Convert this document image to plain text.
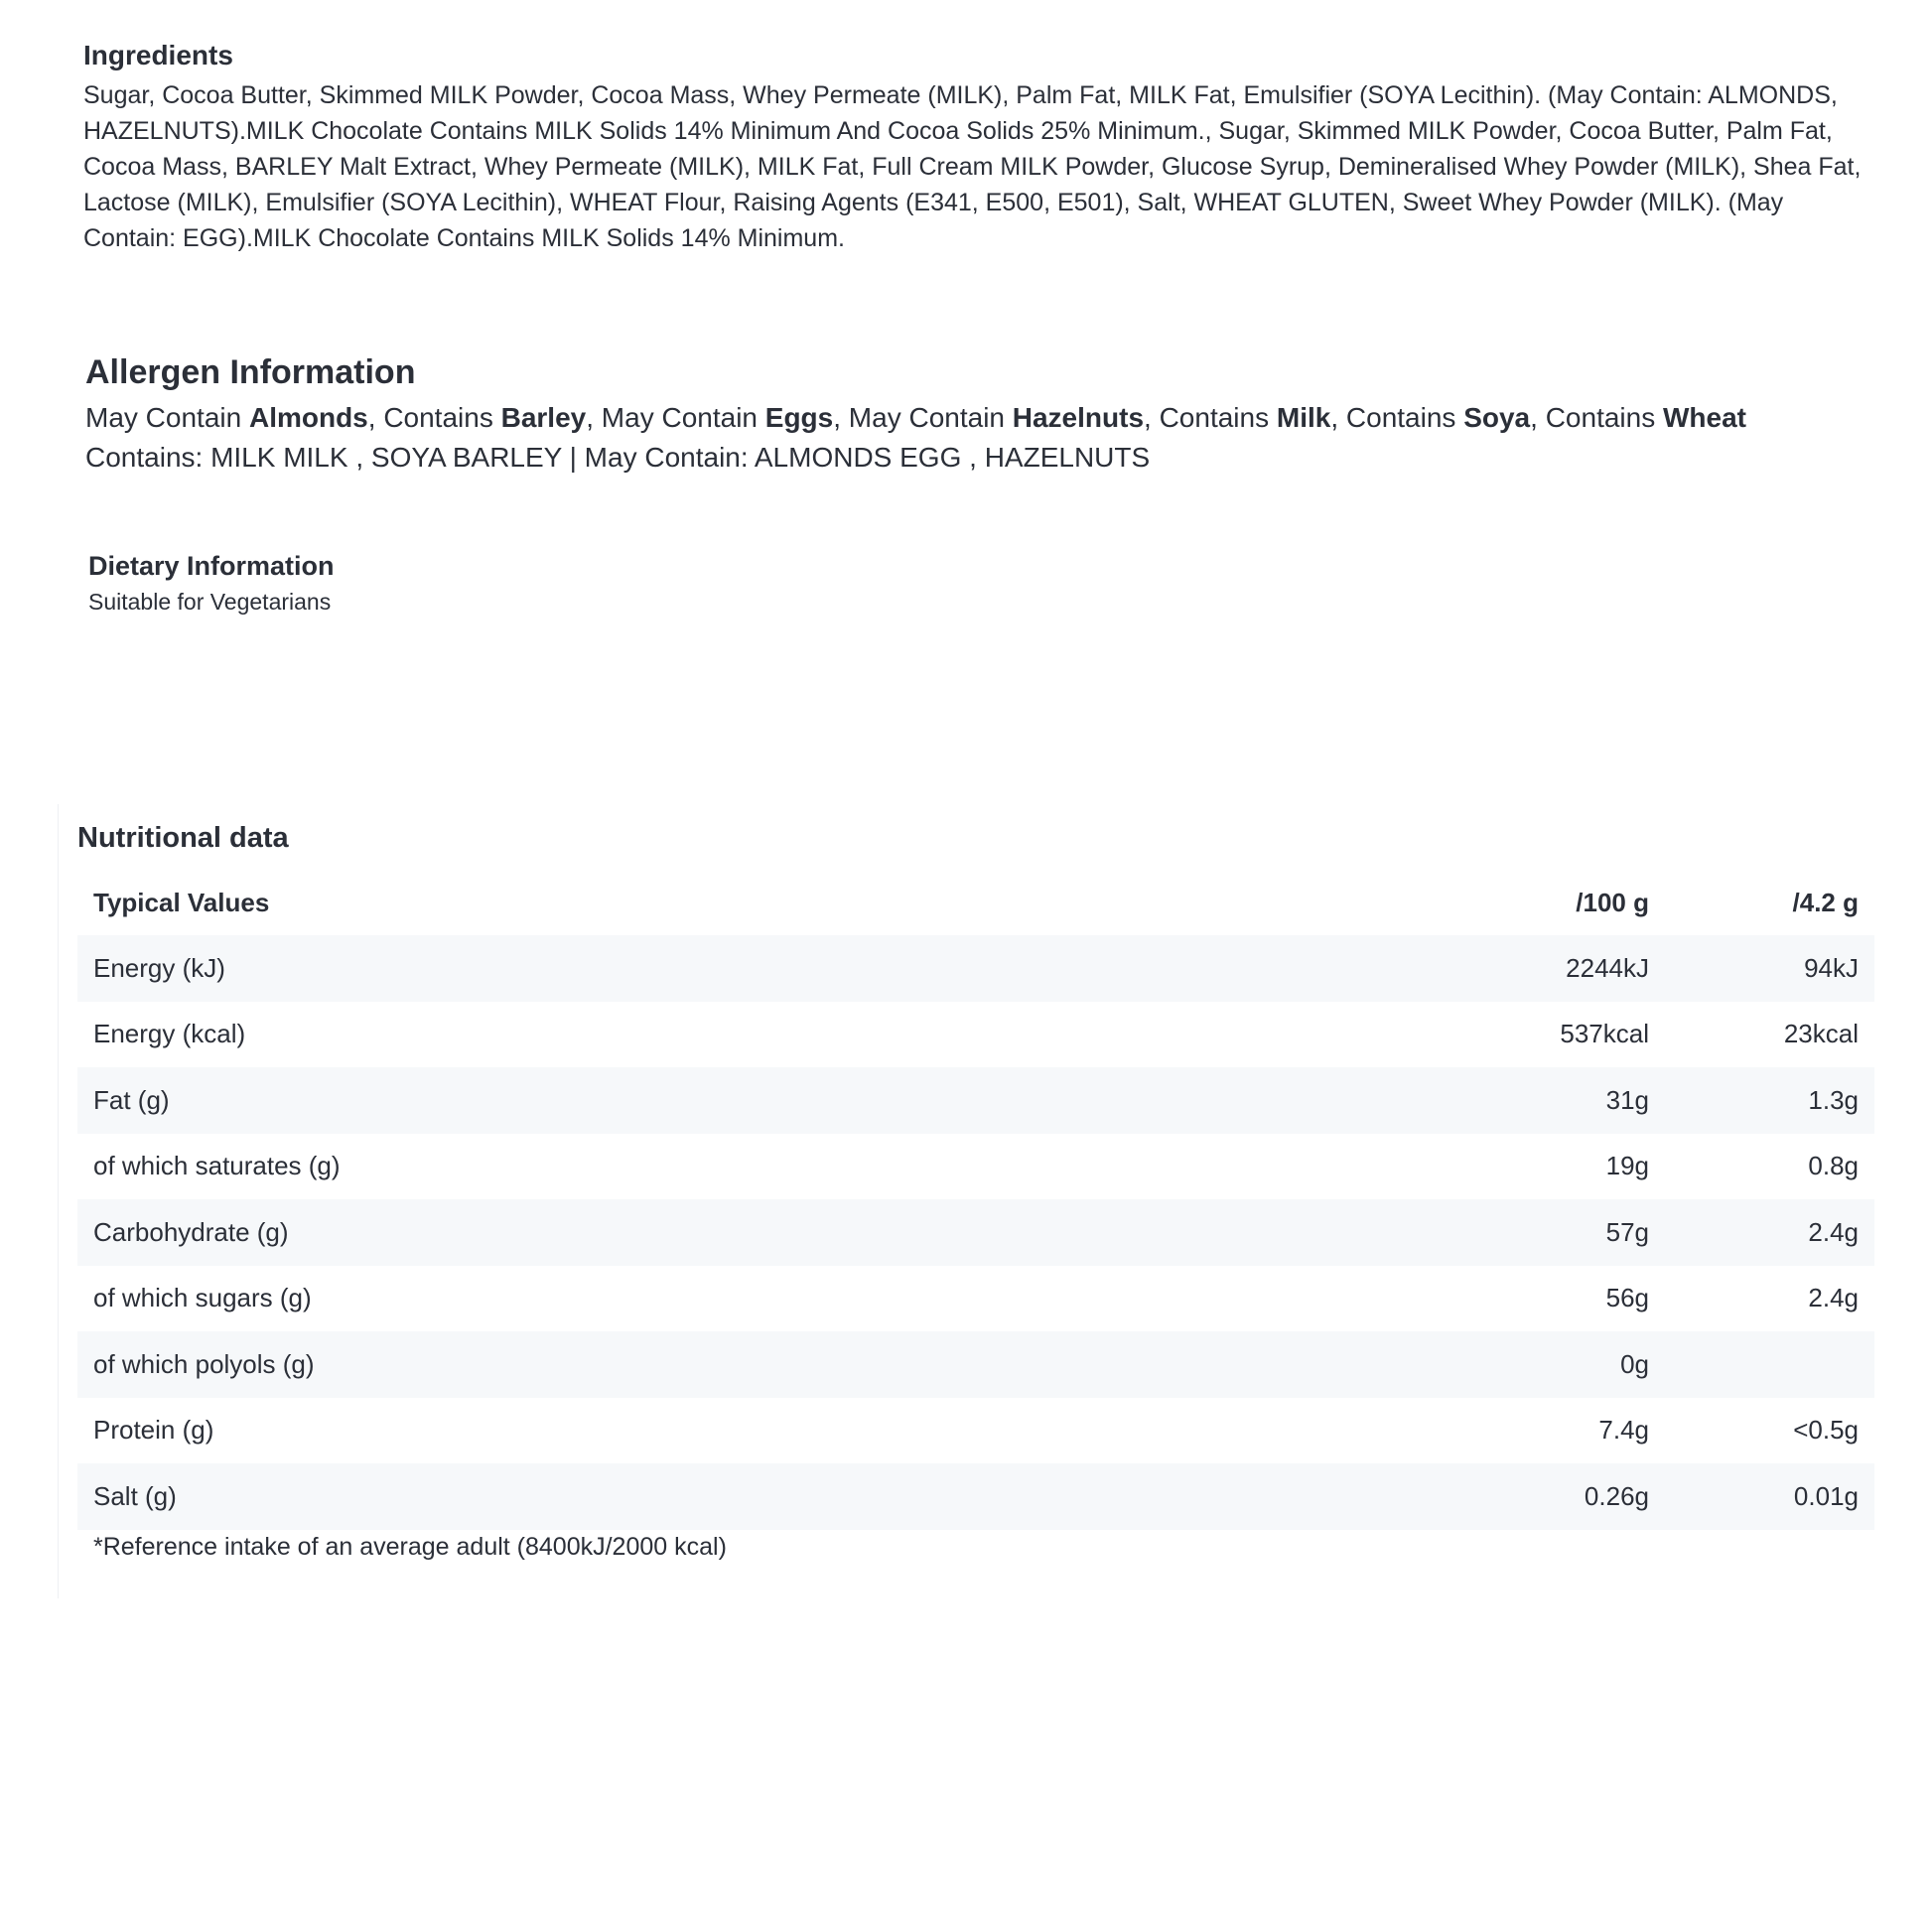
Ingredients

Sugar, Cocoa Butter, Skimmed MILK Powder, Cocoa Mass, Whey Permeate (MILK), Palm Fat, MILK Fat, Emulsifier (SOYA Lecithin). (May Contain: ALMONDS, HAZELNUTS).MILK Chocolate Contains MILK Solids 14% Minimum And Cocoa Solids 25% Minimum., Sugar, Skimmed MILK Powder, Cocoa Butter, Palm Fat, Cocoa Mass, BARLEY Malt Extract, Whey Permeate (MILK), MILK Fat, Full Cream MILK Powder, Glucose Syrup, Demineralised Whey Powder (MILK), Shea Fat, Lactose (MILK), Emulsifier (SOYA Lecithin), WHEAT Flour, Raising Agents (E341, E500, E501), Salt, WHEAT GLUTEN, Sweet Whey Powder (MILK). (May Contain: EGG).MILK Chocolate Contains MILK Solids 14% Minimum.

Allergen Information
May Contain Almonds, Contains Barley, May Contain Eggs, May Contain Hazelnuts, Contains Milk, Contains Soya, Contains Wheat
Contains: MILK MILK , SOYA BARLEY | May Contain: ALMONDS EGG , HAZELNUTS
Dietary Information

Suitable for Vegetarians

Nutritional data
Typical Values	/100 g	/4.2 g
Energy (kJ)	2244kJ	94kJ
Energy (kcal)	537kcal	23kcal
Fat (g)	31g	1.3g
of which saturates (g)	19g	0.8g
Carbohydrate (g)	57g	2.4g
of which sugars (g)	56g	2.4g
of which polyols (g)	0g
Protein (g)	7.4g	<0.5g
Salt (g)	0.26g	0.01g
*Reference intake of an average adult (8400kJ/2000 kcal)
